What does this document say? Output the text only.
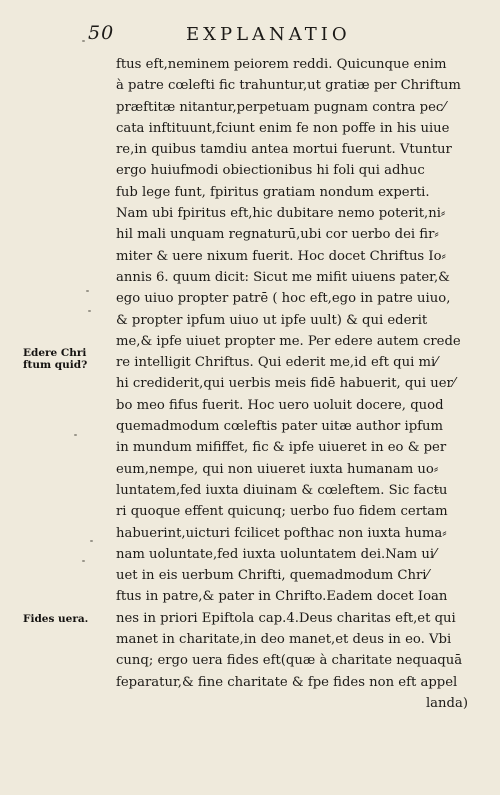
50	EXPLANATIO
Edere Chri ftum quid?
Fides uera.
ftus eft,neminem peiorem reddi. Quicunque enim
à patre cœlefti fic trahuntur,ut gratiæ per Chriftum
præftitæ nitantur,perpetuam pugnam contra pec⁄
cata inftituunt,fciunt enim fe non poffe in his uiue
re,in quibus tamdiu antea mortui fuerunt. Vtuntur
ergo huiufmodi obiectionibus hi foli qui adhuc
fub lege funt, fpiritus gratiam nondum experti.
Nam ubi fpiritus eft,hic dubitare nemo poterit,ni⸗
hil mali unquam regnaturū,ubi cor uerbo dei fir⸗
miter & uere nixum fuerit. Hoc docet Chriftus Io⸗
annis 6. quum dicit: Sicut me mifit uiuens pater,&
ego uiuo propter patrē ( hoc eft,ego in patre uiuo,
& propter ipfum uiuo ut ipfe uult) & qui ederit
me,& ipfe uiuet propter me. Per edere autem crede
re intelligit Chriftus. Qui ederit me,id eft qui mi⁄
hi crediderit,qui uerbis meis fidē habuerit, qui uer⁄
bo meo fifus fuerit. Hoc uero uoluit docere, quod
quemadmodum cœleftis pater uitæ author ipfum
in mundum mififfet, fic & ipfe uiueret in eo & per
eum,nempe, qui non uiueret iuxta humanam uo⸗
luntatem,fed iuxta diuinam & cœleftem. Sic facŧu
ri quoque effent quicunq; uerbo fuo fidem certam
habuerint,uicturi fcilicet pofthac non iuxta huma⸗
nam uoluntate,fed iuxta uoluntatem dei.Nam ui⁄
uet in eis uerbum Chrifti, quemadmodum Chri⁄
ftus in patre,& pater in Chrifto.Eadem docet Ioan
nes in priori Epiftola cap.4.Deus charitas eft,et qui
manet in charitate,in deo manet,et deus in eo. Vbi
cunq; ergo uera fides eft(quæ à charitate nequaquā
feparatur,& fine charitate & fpe fides non eft appel
landa)
